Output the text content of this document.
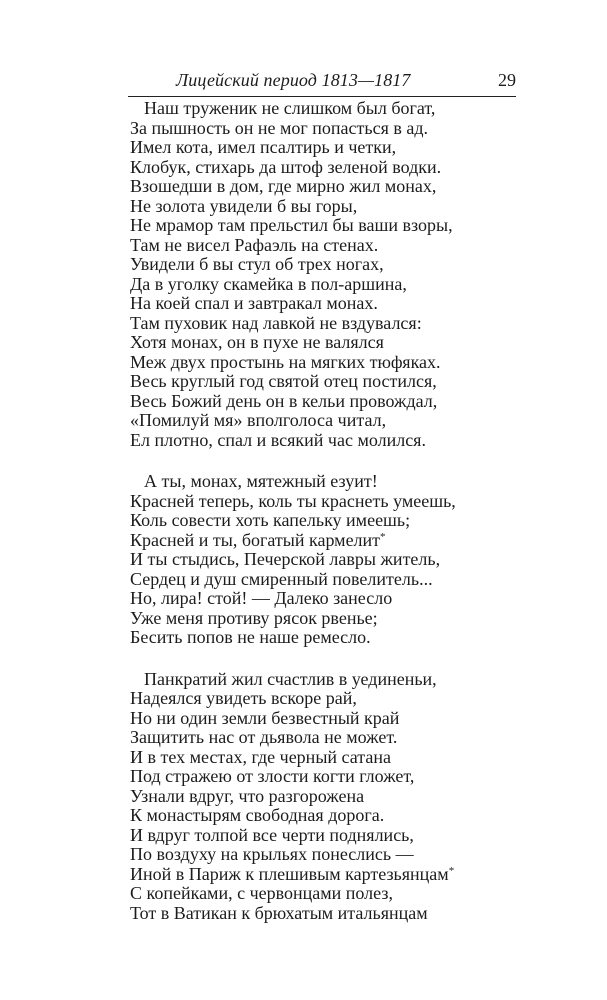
Лицейский период 1813—1817	29
Наш труженик не слишком был богат,
За пышность он не мог попасться в ад.
Имел кота, имел псалтирь и четки,
Клобук, стихарь да штоф зеленой водки.
Взошедши в дом, где мирно жил монах,
Не золота увидели б вы горы,
Не мрамор там прельстил бы ваши взоры,
Там не висел Рафаэль на стенах.
Увидели б вы стул об трех ногах,
Да в уголку скамейка в пол-аршина,
На коей спал и завтракал монах.
Там пуховик над лавкой не вздувался:
Хотя монах, он в пухе не валялся
Меж двух простынь на мягких тюфяках.
Весь круглый год святой отец постился,
Весь Божий день он в кельи провождал,
«Помилуй мя» вполголоса читал,
Ел плотно, спал и всякий час молился.
А ты, монах, мятежный езуит!
Красней теперь, коль ты краснеть умеешь,
Коль совести хоть капельку имеешь;
Красней и ты, богатый кармелит*
И ты стыдись, Печерской лавры житель,
Сердец и душ смиренный повелитель...
Но, лира! стой! — Далеко занесло
Уже меня противу рясок рвенье;
Бесить попов не наше ремесло.
Панкратий жил счастлив в уединеньи,
Надеялся увидеть вскоре рай,
Но ни один земли безвестный край
Защитить нас от дьявола не может.
И в тех местах, где черный сатана
Под стражею от злости когти гложет,
Узнали вдруг, что разгорожена
К монастырям свободная дорога.
И вдруг толпой все черти поднялись,
По воздуху на крыльях понеслись —
Иной в Париж к плешивым картезьянцам*
С копейками, с червонцами полез,
Тот в Ватикан к брюхатым итальянцам
